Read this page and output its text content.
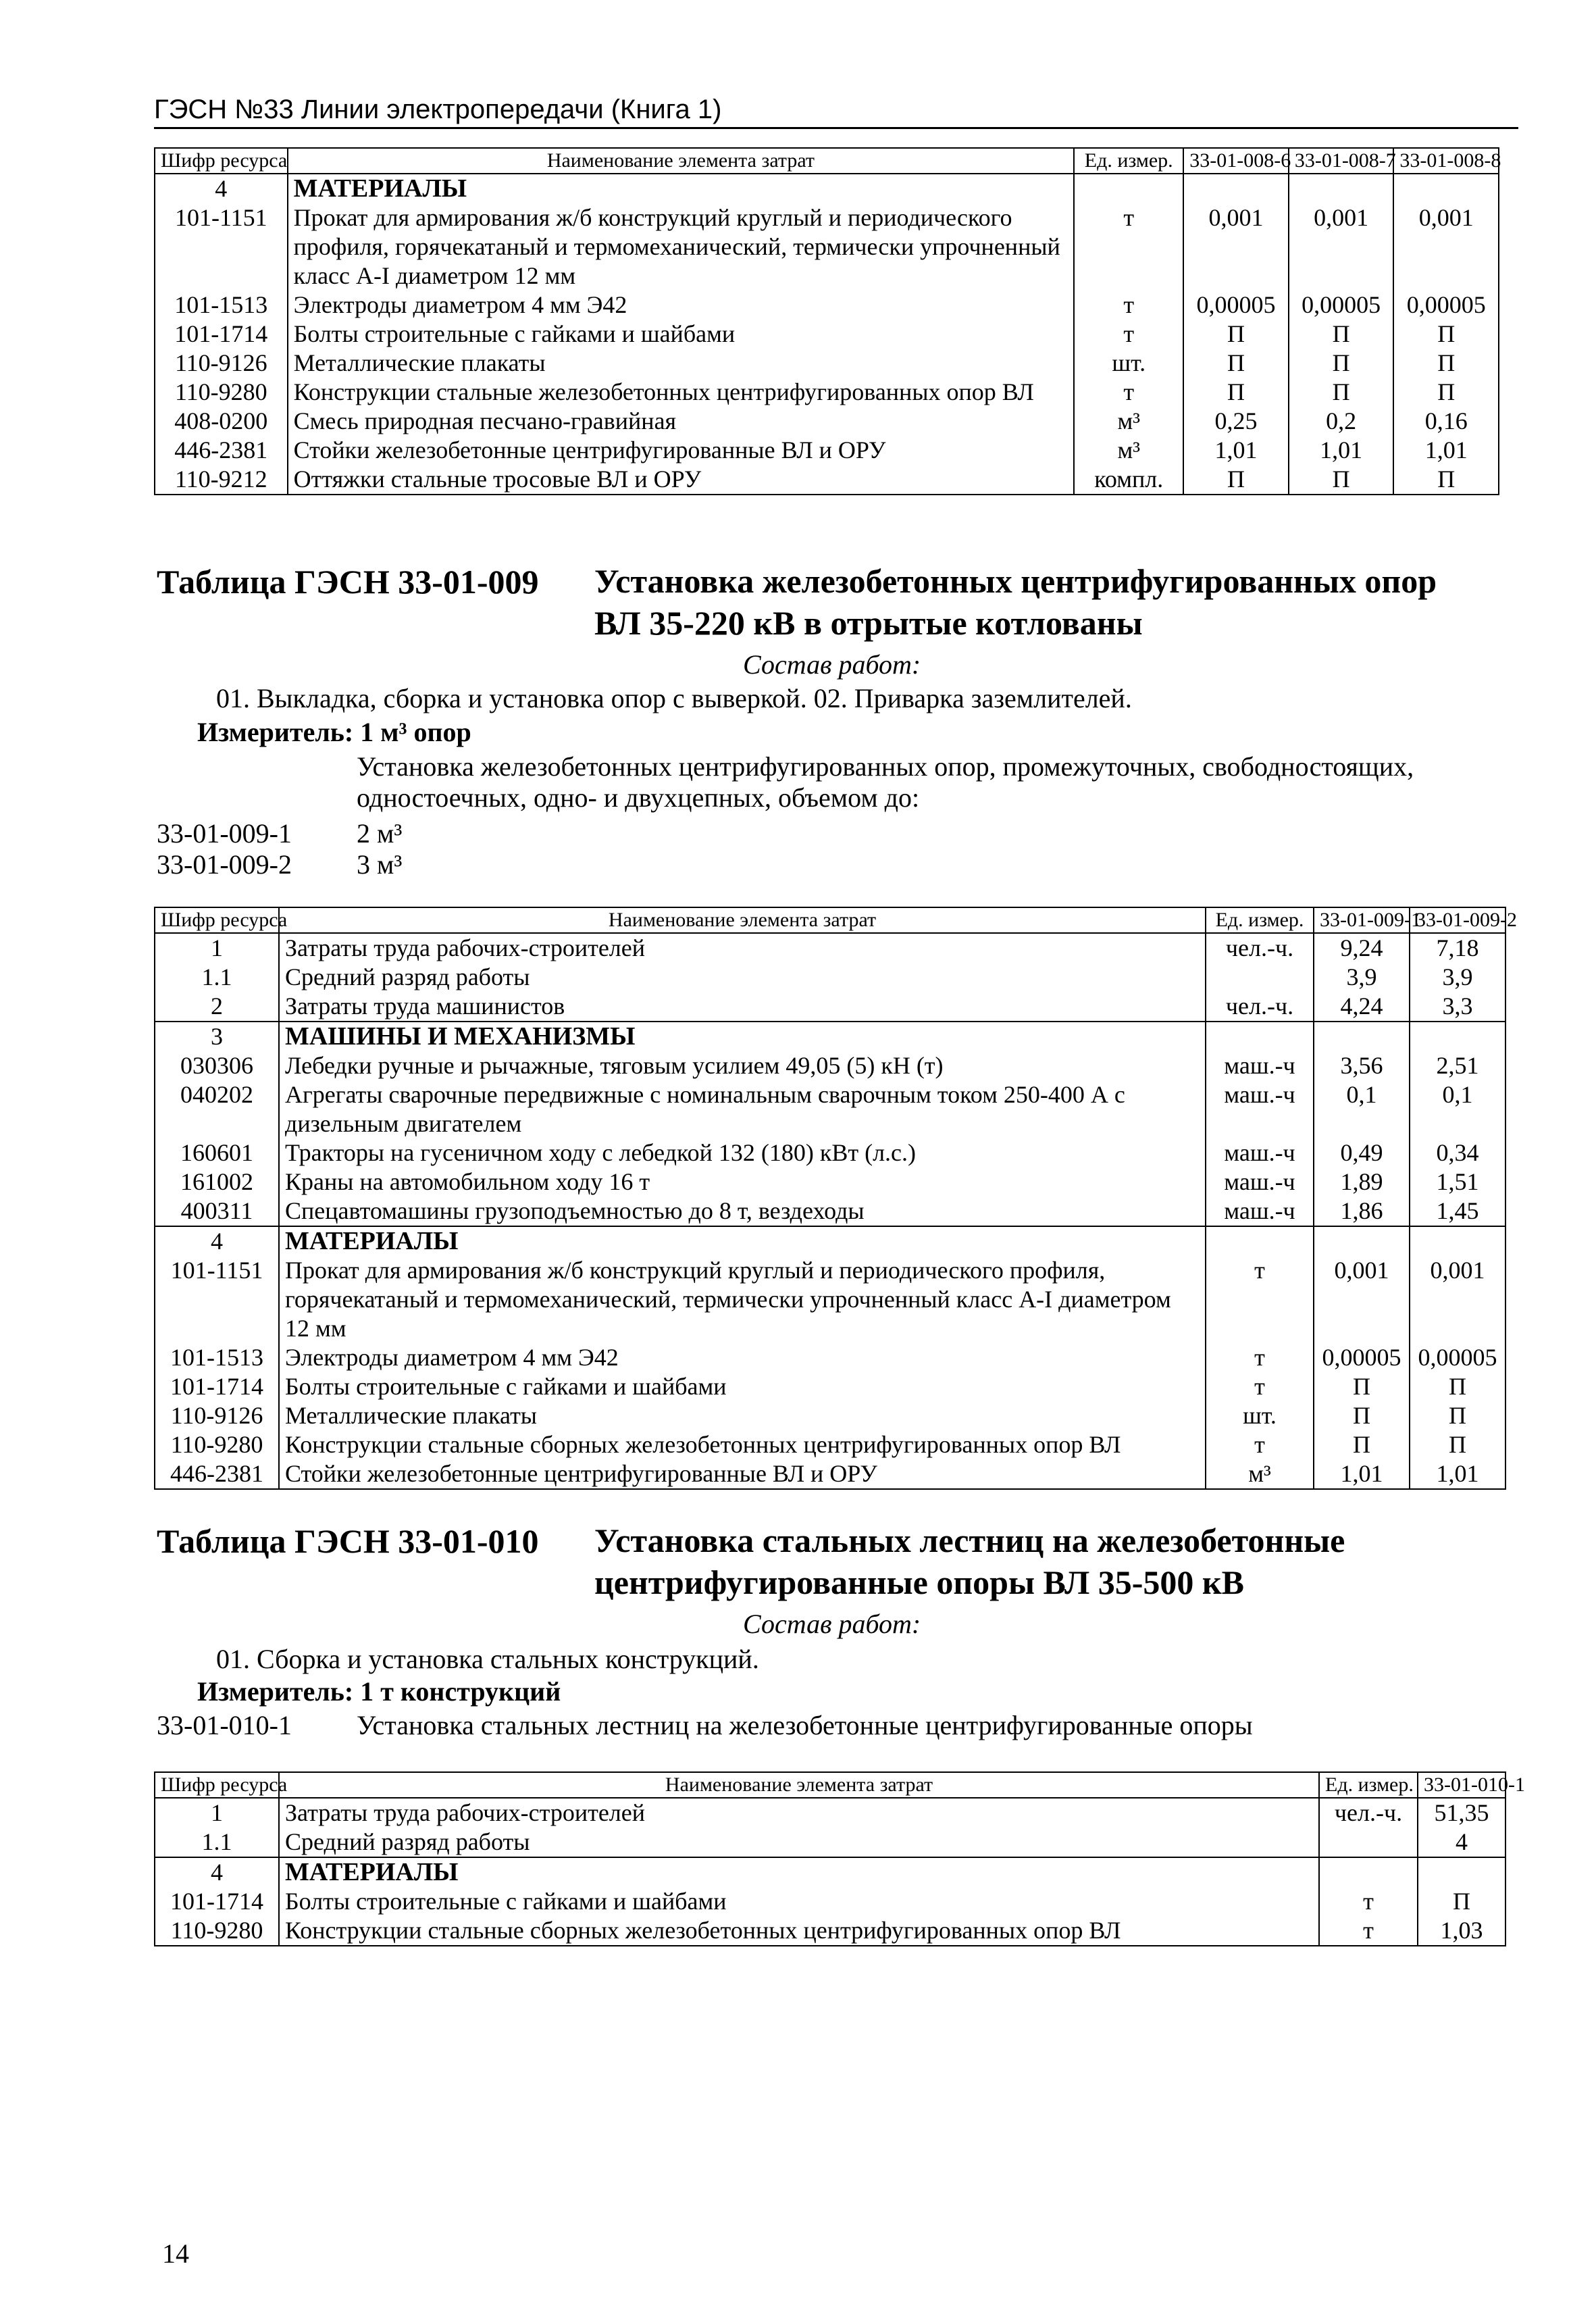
ГЭСН №33 Линии электропередачи (Книга 1)
Шифр ресурса	Наименование элемента затрат	Ед. измер.	33-01-008-6	33-01-008-7	33-01-008-8
4	МАТЕРИАЛЫ				
101-1151	Прокат для армирования ж/б конструкций круглый и периодического профиля, горячекатаный и термомеханический, термически упрочненный класс А-I диаметром 12 мм	т	0,001	0,001	0,001
101-1513	Электроды диаметром 4 мм Э42	т	0,00005	0,00005	0,00005
101-1714	Болты строительные с гайками и шайбами	т	П	П	П
110-9126	Металлические плакаты	шт.	П	П	П
110-9280	Конструкции стальные железобетонных центрифугированных опор ВЛ	т	П	П	П
408-0200	Смесь природная песчано-гравийная	м³	0,25	0,2	0,16
446-2381	Стойки железобетонные центрифугированные ВЛ и ОРУ	м³	1,01	1,01	1,01
110-9212	Оттяжки стальные тросовые ВЛ и ОРУ	компл.	П	П	П
Таблица ГЭСН 33-01-009 Установка железобетонных центрифугированных опор
ВЛ 35-220 кВ в отрытые котлованы
Состав работ:
01. Выкладка, сборка и установка опор с выверкой. 02. Приварка заземлителей.
Измеритель: 1 м³ опор
Установка железобетонных центрифугированных опор, промежуточных, свободностоящих, одностоечных, одно- и двухцепных, объемом до:
33-01-009-1 2 м³
33-01-009-2 3 м³
Шифр ресурса	Наименование элемента затрат	Ед. измер.	33-01-009-1	33-01-009-2
1	Затраты труда рабочих-строителей	чел.-ч.	9,24	7,18
1.1	Средний разряд работы		3,9	3,9
2	Затраты труда машинистов	чел.-ч.	4,24	3,3
3	МАШИНЫ И МЕХАНИЗМЫ			
030306	Лебедки ручные и рычажные, тяговым усилием 49,05 (5) кН (т)	маш.-ч	3,56	2,51
040202	Агрегаты сварочные передвижные с номинальным сварочным током 250-400 А с дизельным двигателем	маш.-ч	0,1	0,1
160601	Тракторы на гусеничном ходу с лебедкой 132 (180) кВт (л.с.)	маш.-ч	0,49	0,34
161002	Краны на автомобильном ходу 16 т	маш.-ч	1,89	1,51
400311	Спецавтомашины грузоподъемностью до 8 т, вездеходы	маш.-ч	1,86	1,45
4	МАТЕРИАЛЫ			
101-1151	Прокат для армирования ж/б конструкций круглый и периодического профиля, горячекатаный и термомеханический, термически упрочненный класс А-I диаметром 12 мм	т	0,001	0,001
101-1513	Электроды диаметром 4 мм Э42	т	0,00005	0,00005
101-1714	Болты строительные с гайками и шайбами	т	П	П
110-9126	Металлические плакаты	шт.	П	П
110-9280	Конструкции стальные сборных железобетонных центрифугированных опор ВЛ	т	П	П
446-2381	Стойки железобетонные центрифугированные ВЛ и ОРУ	м³	1,01	1,01
Таблица ГЭСН 33-01-010 Установка стальных лестниц на железобетонные
центрифугированные опоры ВЛ 35-500 кВ
Состав работ:
01. Сборка и установка стальных конструкций.
Измеритель: 1 т конструкций
33-01-010-1 Установка стальных лестниц на железобетонные центрифугированные опоры
Шифр ресурса	Наименование элемента затрат	Ед. измер.	33-01-010-1
1	Затраты труда рабочих-строителей	чел.-ч.	51,35
1.1	Средний разряд работы		4
4	МАТЕРИАЛЫ		
101-1714	Болты строительные с гайками и шайбами	т	П
110-9280	Конструкции стальные сборных железобетонных центрифугированных опор ВЛ	т	1,03
14
